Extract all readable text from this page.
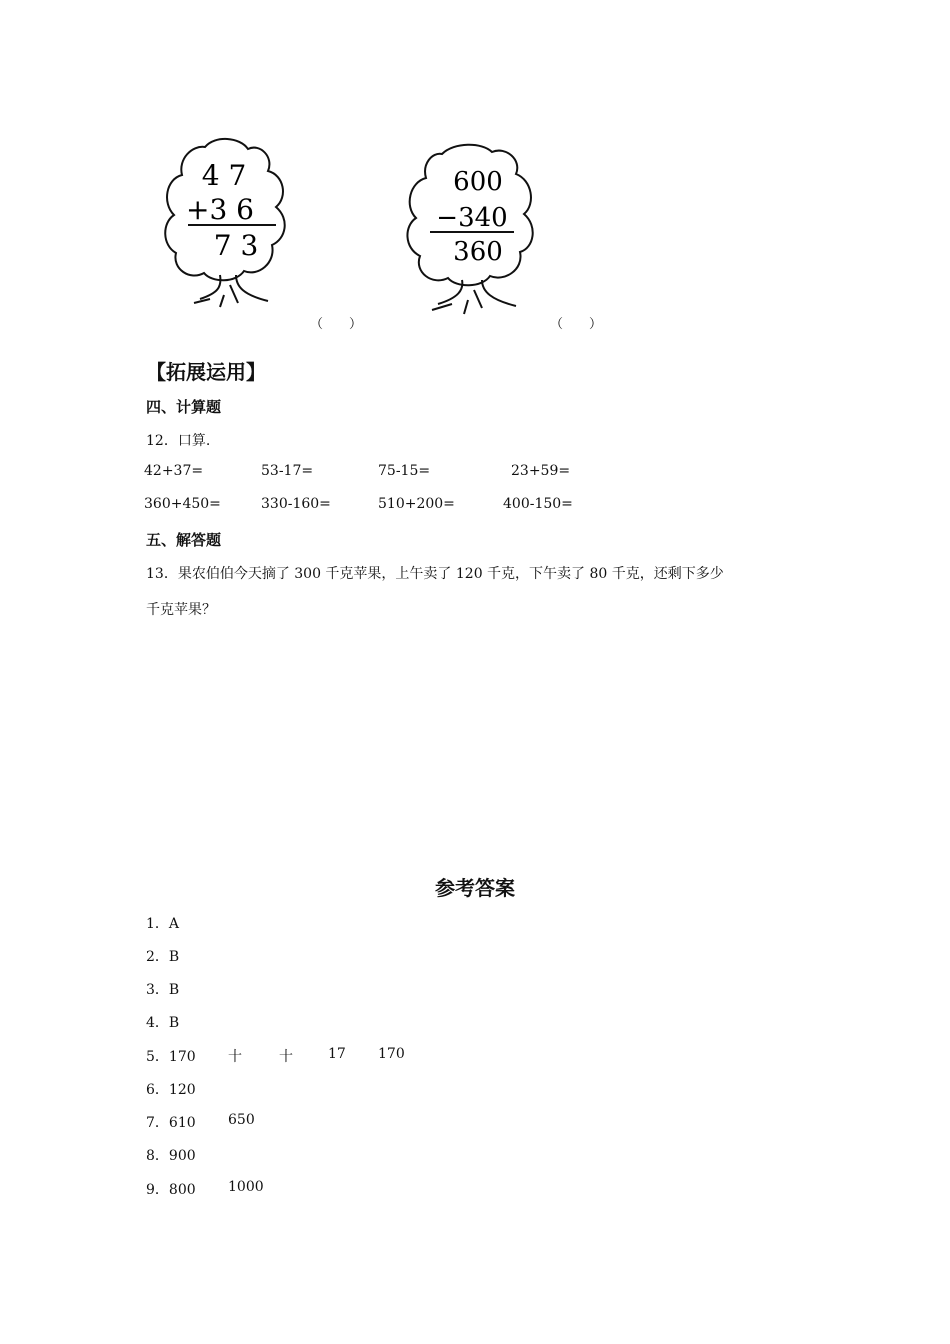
4 7
+3 6
7 3
（　　）
600
−340
360
（　　）
【拓展运用】
四、计算题
12．口算.
42+37=	53-17=	75-15=	23+59=
360+450=	330-160=	510+200=	400-150=
五、解答题
13．果农伯伯今天摘了 300 千克苹果，上午卖了 120 千克，下午卖了 80 千克，还剩下多少
千克苹果？
参考答案
1．A
2．B
3．B
4．B
5．170 十	十	17 170
6．120
7．610 650
8．900
9．800 1000
